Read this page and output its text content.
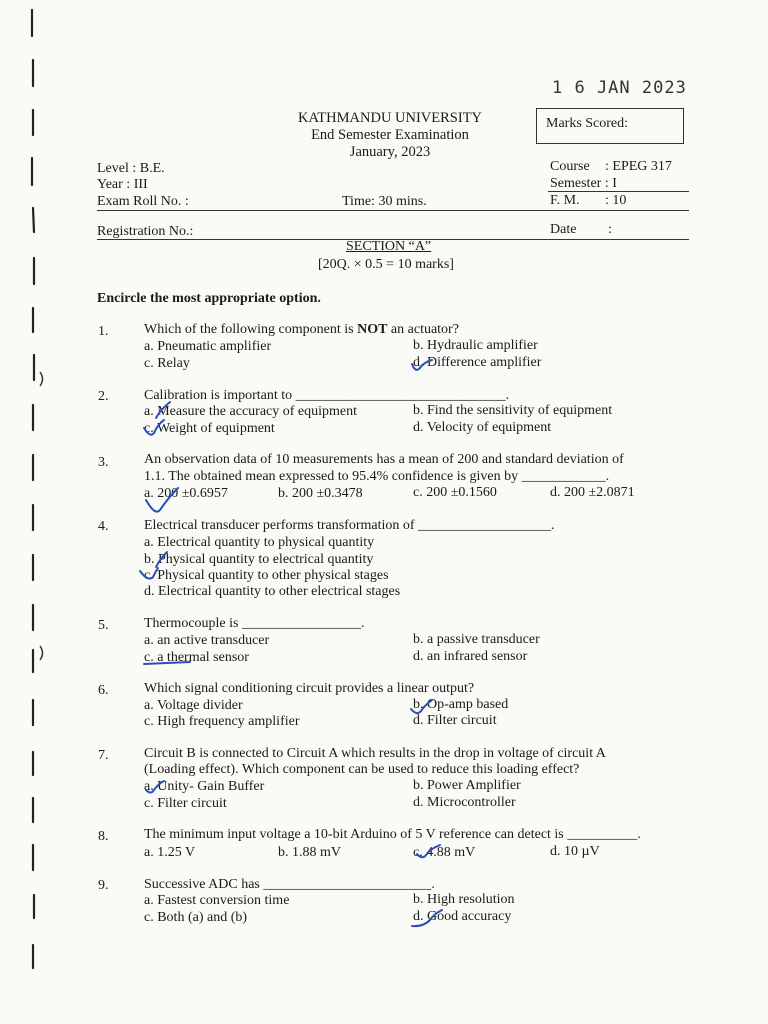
1 6 JAN 2023
KATHMANDU UNIVERSITY
End Semester Examination
January, 2023
Marks Scored:
Level : B.E.
Year : III
Exam Roll No. :	Time: 30 mins.
Registration No.:
Course : EPEG 317
Semester : I
F. M. : 10
Date :
SECTION “A”
[20Q. × 0.5 = 10 marks]
Encircle the most appropriate option.
1.	Which of the following component is NOT an actuator?
a. Pneumatic amplifier	b. Hydraulic amplifier
c. Relay	d. Difference amplifier
2.	Calibration is important to ______________________________.
a. Measure the accuracy of equipment	b. Find the sensitivity of equipment
c. Weight of equipment	d. Velocity of equipment
3.	An observation data of 10 measurements has a mean of 200 and standard deviation of
1.1. The obtained mean expressed to 95.4% confidence is given by ____________.
a. 200 ±0.6957	b. 200 ±0.3478	c. 200 ±0.1560	d. 200 ±2.0871
4.	Electrical transducer performs transformation of ___________________.
a. Electrical quantity to physical quantity
b. Physical quantity to electrical quantity
c. Physical quantity to other physical stages
d. Electrical quantity to other electrical stages
5.	Thermocouple is _________________.
a. an active transducer	b. a passive transducer
c. a thermal sensor	d. an infrared sensor
6.	Which signal conditioning circuit provides a linear output?
a. Voltage divider	b. Op-amp based
c. High frequency amplifier	d. Filter circuit
7.	Circuit B is connected to Circuit A which results in the drop in voltage of circuit A
(Loading effect). Which component can be used to reduce this loading effect?
a. Unity- Gain Buffer	b. Power Amplifier
c. Filter circuit	d. Microcontroller
8.	The minimum input voltage a 10-bit Arduino of 5 V reference can detect is __________.
a. 1.25 V	b. 1.88 mV	c. 4.88 mV	d. 10 µV
9.	Successive ADC has ________________________.
a. Fastest conversion time	b. High resolution
c. Both (a) and (b)	d. Good accuracy
